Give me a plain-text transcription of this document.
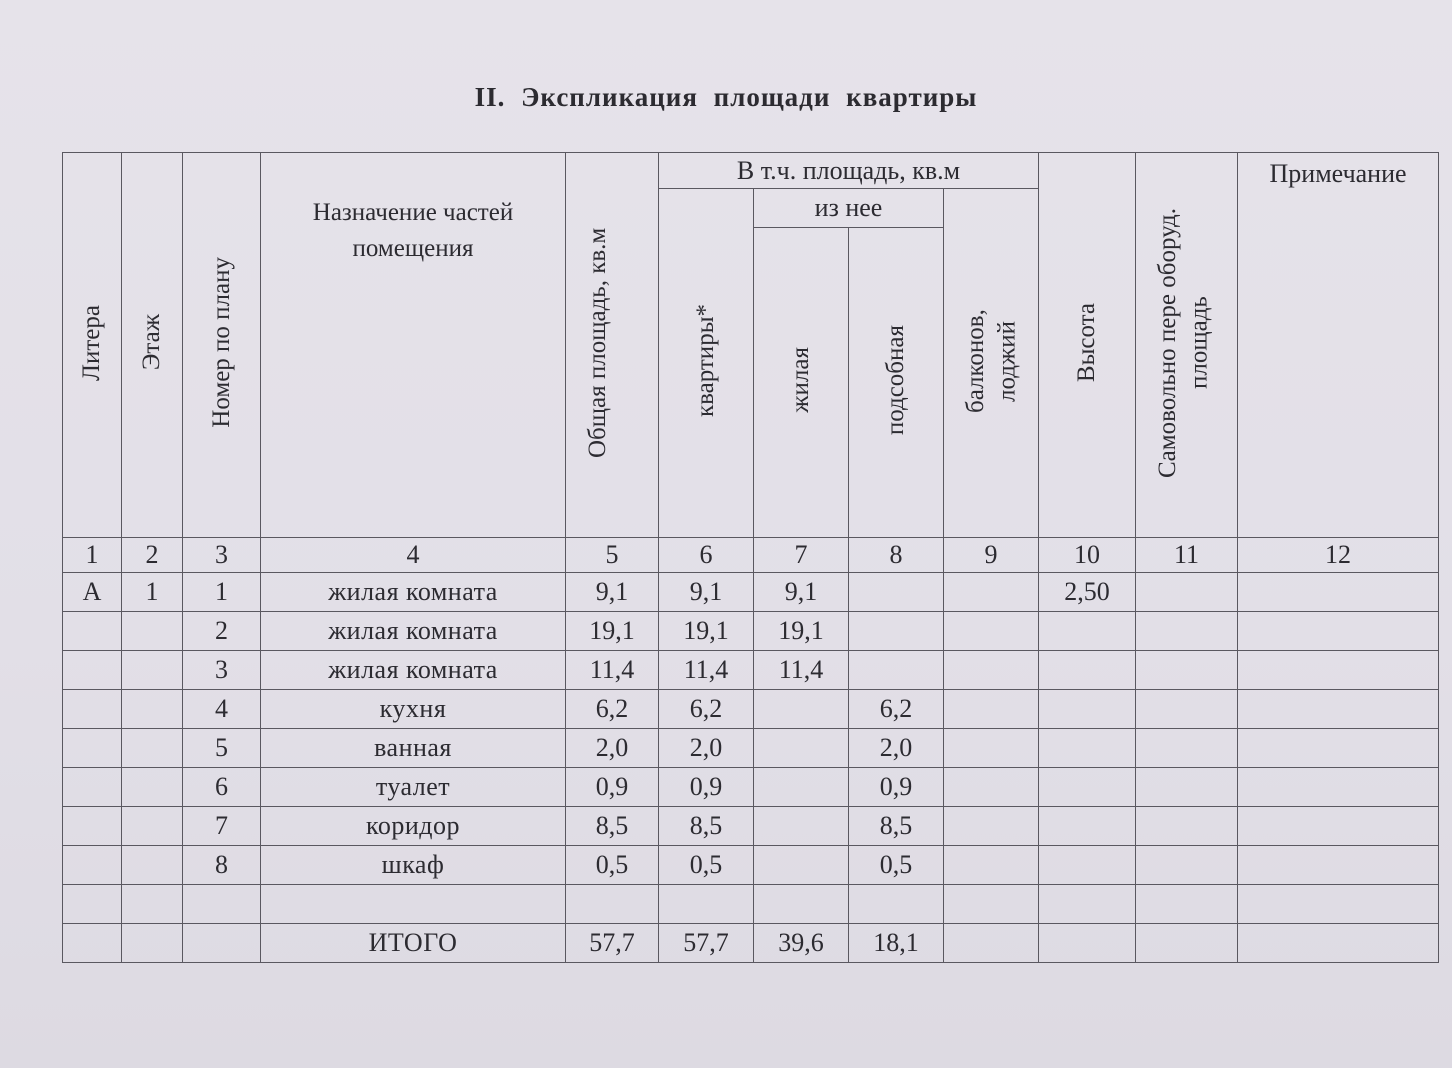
II. Экспликация площади квартиры
Литера	Этаж	Номер по плану	Назначение частей помещения	Общая площадь, кв.м	В т.ч. площадь, кв.м				Высота	Самовольно пере оборуд. площадь	Примечание
					квартиры*	из нее		балконов, лоджий			
						жилая	подсобная				
1	2	3	4	5	6	7	8	9	10	11	12
А	1	1	жилая комната	9,1	9,1	9,1			2,50		
		2	жилая комната	19,1	19,1	19,1					
		3	жилая комната	11,4	11,4	11,4					
		4	кухня	6,2	6,2		6,2				
		5	ванная	2,0	2,0		2,0				
		6	туалет	0,9	0,9		0,9				
		7	коридор	8,5	8,5		8,5				
		8	шкаф	0,5	0,5		0,5				

			ИТОГО	57,7	57,7	39,6	18,1				
